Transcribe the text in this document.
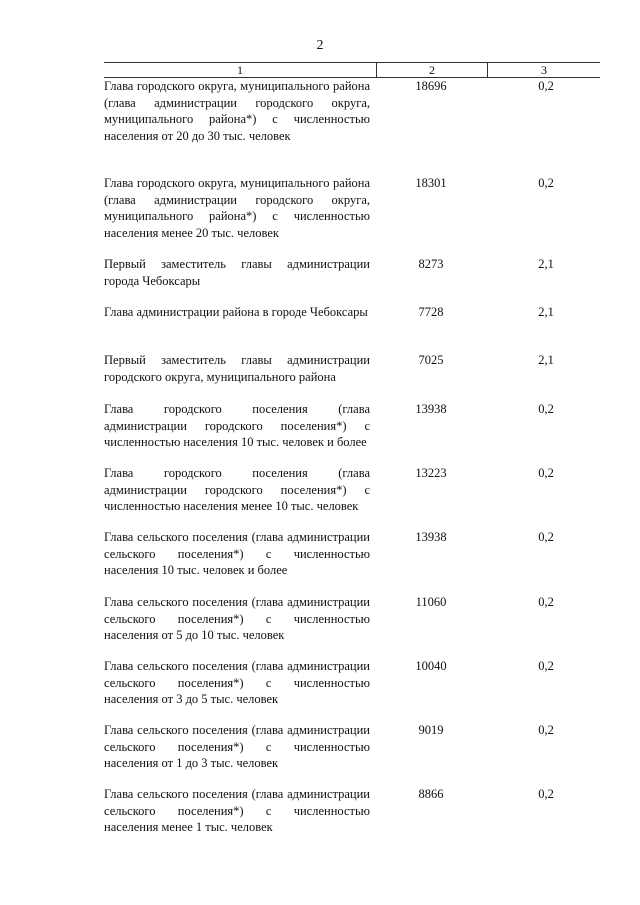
2
1	2	3
Глава городского округа, муниципального района (глава администрации городского округа, муниципального района*) с численностью населения от 20 до 30 тыс. человек
18696	0,2
Глава городского округа, муниципального района (глава администрации городского округа, муниципального района*) с численностью населения менее 20 тыс. человек
18301	0,2
Первый заместитель главы администрации города Чебоксары
8273	2,1
Глава администрации района в городе Чебоксары	7728	2,1
Первый заместитель главы администрации городского округа, муниципального района
7025	2,1
Глава городского поселения (глава администрации городского поселения*) с численностью населения 10 тыс. человек и более
13938	0,2
Глава городского поселения (глава администрации городского поселения*) с численностью населения менее 10 тыс. человек
13223	0,2
Глава сельского поселения (глава администрации сельского поселения*) с численностью населения 10 тыс. человек и более
13938	0,2
Глава сельского поселения (глава администрации сельского поселения*) с численностью населения от 5 до 10 тыс. человек
11060	0,2
Глава сельского поселения (глава администрации сельского поселения*) с численностью населения от 3 до 5 тыс. человек
10040	0,2
Глава сельского поселения (глава администрации сельского поселения*) с численностью населения от 1 до 3 тыс. человек
9019	0,2
Глава сельского поселения (глава администрации сельского поселения*) с численностью населения менее 1 тыс. человек
8866	0,2
